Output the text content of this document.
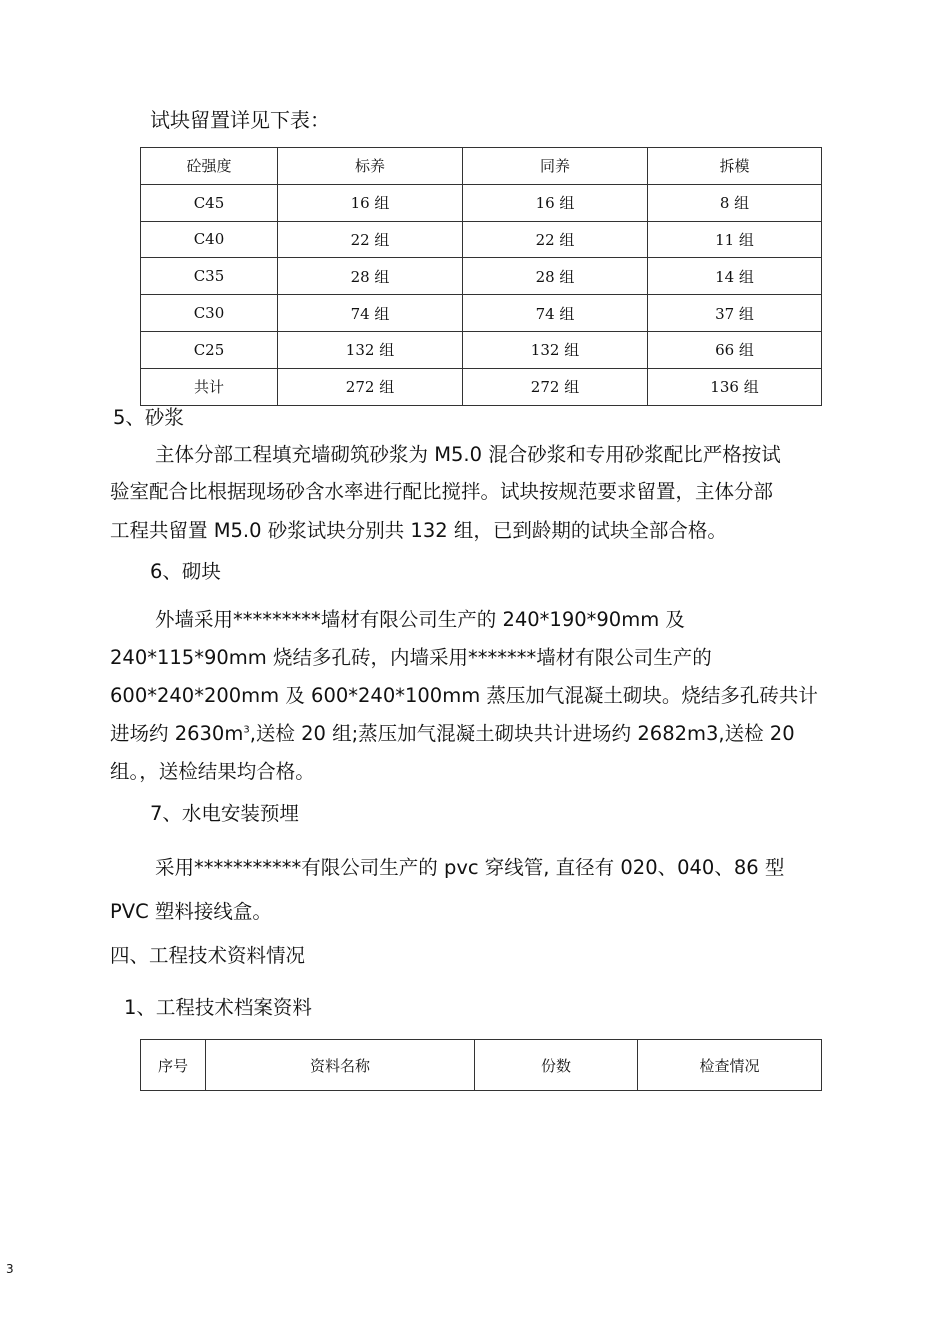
试块留置详见下表：
砼强度	标养	同养	拆模
C45	16 组	16 组	8 组
C40	22 组	22 组	11 组
C35	28 组	28 组	14 组
C30	74 组	74 组	37 组
C25	132 组	132 组	66 组
共计	272 组	272 组	136 组
5、砂浆
主体分部工程填充墙砌筑砂浆为 M5.0 混合砂浆和专用砂浆配比严格按试
验室配合比根据现场砂含水率进行配比搅拌。试块按规范要求留置，主体分部
工程共留置 M5.0 砂浆试块分别共 132 组，已到龄期的试块全部合格。
6、砌块
外墙采用*********墙材有限公司生产的 240*190*90mm 及
240*115*90mm 烧结多孔砖，内墙采用*******墙材有限公司生产的
600*240*200mm 及 600*240*100mm 蒸压加气混凝土砌块。烧结多孔砖共计
进场约 $2630m^3$,送检 20 组;蒸压加气混凝土砌块共计进场约 2682m3,送检 20
组。，送检结果均合格。
7、水电安装预埋
采用***********有限公司生产的 pvc 穿线管, 直径有 020、040、86 型
PVC 塑料接线盒。
四、工程技术资料情况
1、工程技术档案资料
序号	资料名称	份数	检查情况
3
